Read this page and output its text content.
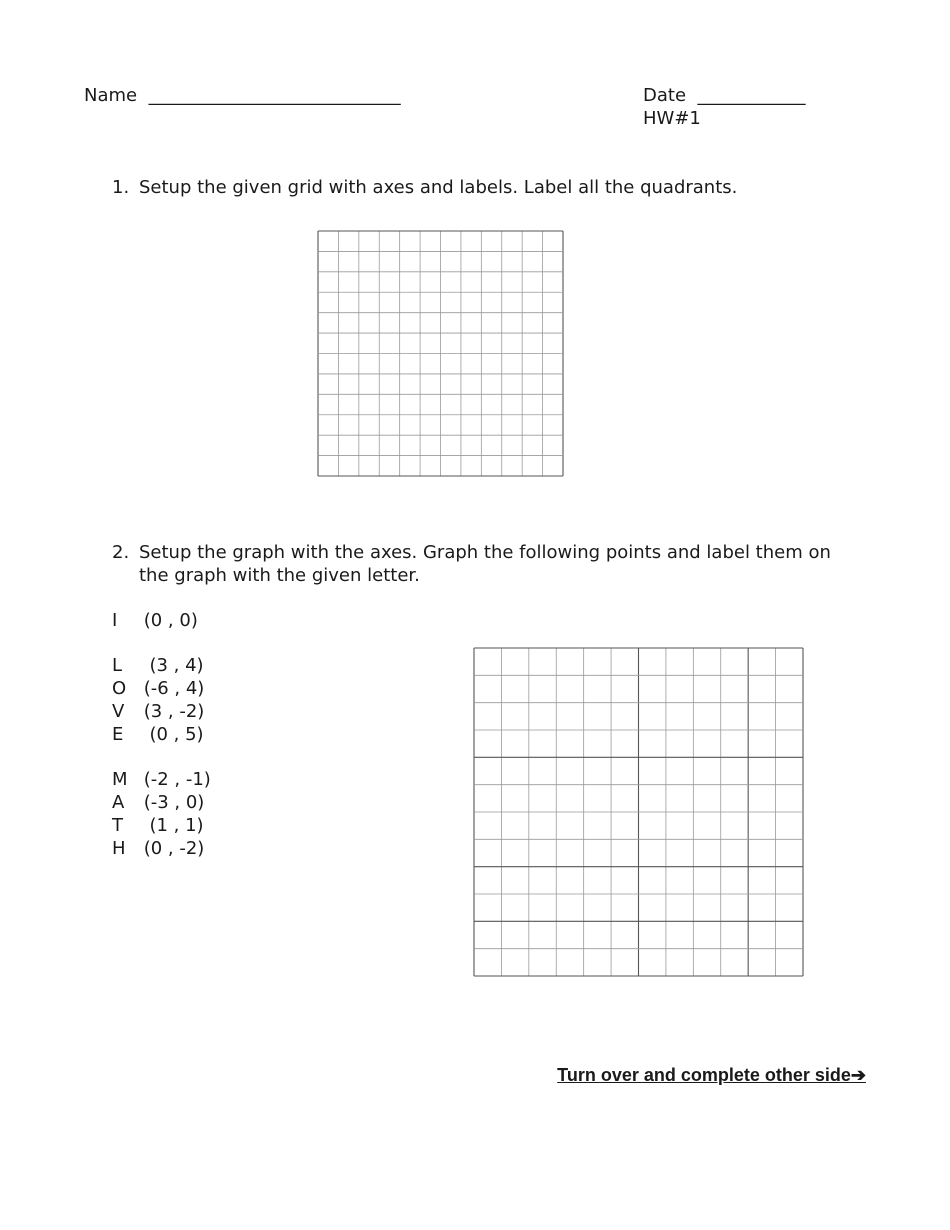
Name ____________________________	Date ____________
HW#1
1. Setup the given grid with axes and labels. Label all the quadrants.
2. Setup the graph with the axes. Graph the following points and label them on the graph with the given letter.
I (0 , 0)
L  (3 , 4)
O (-6 , 4)
V (3 , -2)
E  (0 , 5)
M (-2 , -1)
A (-3 , 0)
T  (1 , 1)
H (0 , -2)
Turn over and complete other side➔
